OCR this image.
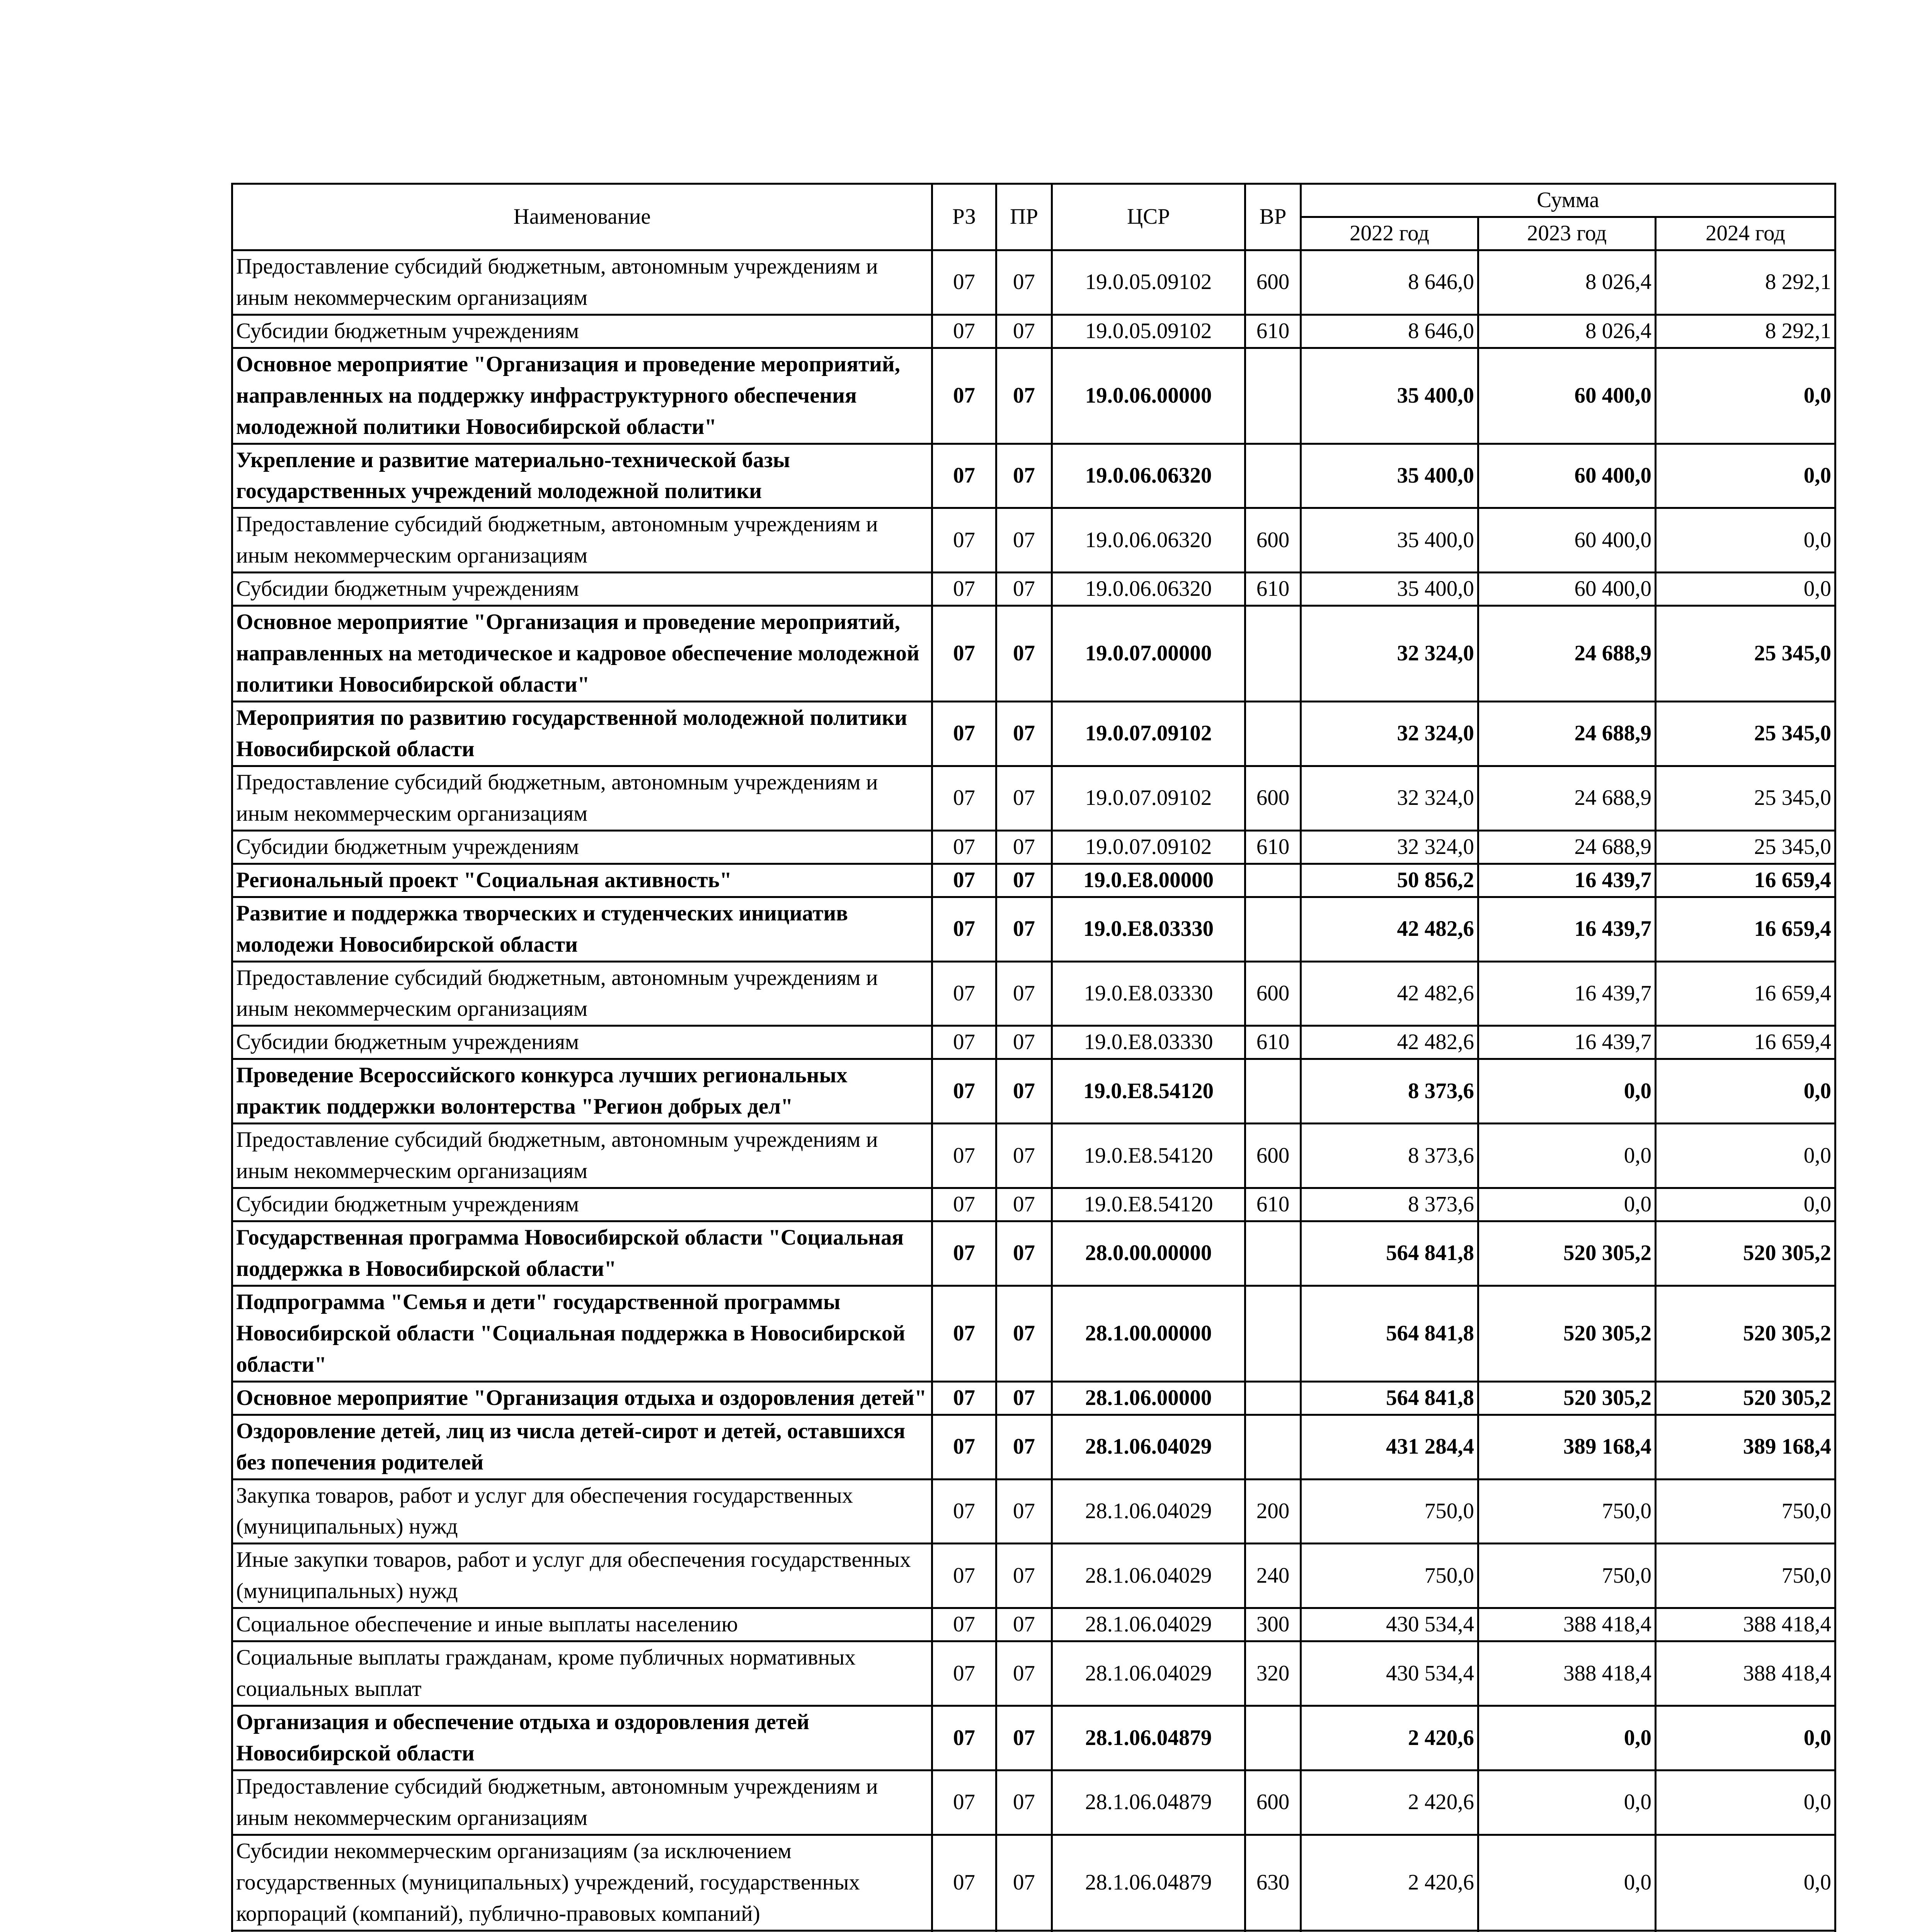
Наименование	РЗ	ПР	ЦСР	ВР	Сумма		
					2022 год	2023 год	2024 год
Предоставление субсидий бюджетным, автономным учреждениям и иным некоммерческим организациям	07	07	19.0.05.09102	600	8 646,0	8 026,4	8 292,1
Субсидии бюджетным учреждениям	07	07	19.0.05.09102	610	8 646,0	8 026,4	8 292,1
Основное мероприятие "Организация и проведение мероприятий, направленных на поддержку инфраструктурного обеспечения молодежной политики Новосибирской области"	07	07	19.0.06.00000		35 400,0	60 400,0	0,0
Укрепление и развитие материально-технической базы государственных учреждений молодежной политики	07	07	19.0.06.06320		35 400,0	60 400,0	0,0
Предоставление субсидий бюджетным, автономным учреждениям и иным некоммерческим организациям	07	07	19.0.06.06320	600	35 400,0	60 400,0	0,0
Субсидии бюджетным учреждениям	07	07	19.0.06.06320	610	35 400,0	60 400,0	0,0
Основное мероприятие "Организация и проведение мероприятий, направленных на методическое и кадровое обеспечение молодежной политики Новосибирской области"	07	07	19.0.07.00000		32 324,0	24 688,9	25 345,0
Мероприятия по развитию государственной молодежной политики Новосибирской области	07	07	19.0.07.09102		32 324,0	24 688,9	25 345,0
Предоставление субсидий бюджетным, автономным учреждениям и иным некоммерческим организациям	07	07	19.0.07.09102	600	32 324,0	24 688,9	25 345,0
Субсидии бюджетным учреждениям	07	07	19.0.07.09102	610	32 324,0	24 688,9	25 345,0
Региональный проект "Социальная активность"	07	07	19.0.E8.00000		50 856,2	16 439,7	16 659,4
Развитие и поддержка творческих и студенческих инициатив молодежи Новосибирской области	07	07	19.0.E8.03330		42 482,6	16 439,7	16 659,4
Предоставление субсидий бюджетным, автономным учреждениям и иным некоммерческим организациям	07	07	19.0.E8.03330	600	42 482,6	16 439,7	16 659,4
Субсидии бюджетным учреждениям	07	07	19.0.E8.03330	610	42 482,6	16 439,7	16 659,4
Проведение Всероссийского конкурса лучших региональных практик поддержки волонтерства "Регион добрых дел"	07	07	19.0.E8.54120		8 373,6	0,0	0,0
Предоставление субсидий бюджетным, автономным учреждениям и иным некоммерческим организациям	07	07	19.0.E8.54120	600	8 373,6	0,0	0,0
Субсидии бюджетным учреждениям	07	07	19.0.E8.54120	610	8 373,6	0,0	0,0
Государственная программа Новосибирской области "Социальная поддержка в Новосибирской области"	07	07	28.0.00.00000		564 841,8	520 305,2	520 305,2
Подпрограмма "Семья и дети" государственной программы Новосибирской области "Социальная поддержка в Новосибирской области"	07	07	28.1.00.00000		564 841,8	520 305,2	520 305,2
Основное мероприятие "Организация отдыха и оздоровления детей"	07	07	28.1.06.00000		564 841,8	520 305,2	520 305,2
Оздоровление детей, лиц из числа детей-сирот и детей, оставшихся без попечения родителей	07	07	28.1.06.04029		431 284,4	389 168,4	389 168,4
Закупка товаров, работ и услуг для обеспечения государственных (муниципальных) нужд	07	07	28.1.06.04029	200	750,0	750,0	750,0
Иные закупки товаров, работ и услуг для обеспечения государственных (муниципальных) нужд	07	07	28.1.06.04029	240	750,0	750,0	750,0
Социальное обеспечение и иные выплаты населению	07	07	28.1.06.04029	300	430 534,4	388 418,4	388 418,4
Социальные выплаты гражданам, кроме публичных нормативных социальных выплат	07	07	28.1.06.04029	320	430 534,4	388 418,4	388 418,4
Организация и обеспечение отдыха и оздоровления детей Новосибирской области	07	07	28.1.06.04879		2 420,6	0,0	0,0
Предоставление субсидий бюджетным, автономным учреждениям и иным некоммерческим организациям	07	07	28.1.06.04879	600	2 420,6	0,0	0,0
Субсидии некоммерческим организациям (за исключением государственных (муниципальных) учреждений, государственных корпораций (компаний), публично-правовых компаний)	07	07	28.1.06.04879	630	2 420,6	0,0	0,0
